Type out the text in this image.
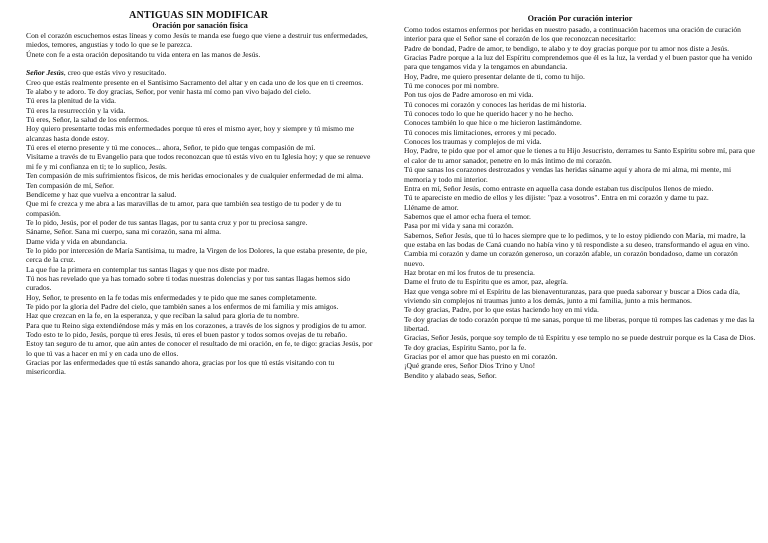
ANTIGUAS SIN MODIFICAR
Oración por sanación física

Con el corazón escuchemos estas líneas y como Jesús te manda ese fuego que viene a destruir tus enfermedades, miedos, temores, angustias y todo lo que se le parezca.

Únete con fe a esta oración depositando tu vida entera en las manos de Jesús.

Señor Jesús, creo que estás vivo y resucitado.

Creo que estás realmente presente en el Santísimo Sacramento del altar y en cada uno de los que en ti creemos.

Te alabo y te adoro. Te doy gracias, Señor, por venir hasta mí como pan vivo bajado del cielo.

Tú eres la plenitud de la vida.

Tú eres la resurrección y la vida.

Tú eres, Señor, la salud de los enfermos.

Hoy quiero presentarte todas mis enfermedades porque tú eres el mismo ayer, hoy y siempre y tú mismo me alcanzas hasta donde estoy.

Tú eres el eterno presente y tú me conoces... ahora, Señor, te pido que tengas compasión de mí.

Visítame a través de tu Evangelio para que todos reconozcan que tú estás vivo en tu Iglesia hoy; y que se renueve mi fe y mi confianza en ti; te lo suplico, Jesús.

Ten compasión de mis sufrimientos físicos, de mis heridas emocionales y de cualquier enfermedad de mi alma.

Ten compasión de mí, Señor.

Bendíceme y haz que vuelva a encontrar la salud.

Que mi fe crezca y me abra a las maravillas de tu amor, para que también sea testigo de tu poder y de tu compasión.

Te lo pido, Jesús, por el poder de tus santas llagas, por tu santa cruz y por tu preciosa sangre.

Sáname, Señor. Sana mi cuerpo, sana mi corazón, sana mi alma.

Dame vida y vida en abundancia.

Te lo pido por intercesión de María Santísima, tu madre, la Virgen de los Dolores, la que estaba presente, de pie, cerca de la cruz.

La que fue la primera en contemplar tus santas llagas y que nos diste por madre.

Tú nos has revelado que ya has tomado sobre ti todas nuestras dolencias y por tus santas llagas hemos sido curados.

Hoy, Señor, te presento en la fe todas mis enfermedades y te pido que me sanes completamente.

Te pido por la gloria del Padre del cielo, que también sanes a los enfermos de mi familia y mis amigos.

Haz que crezcan en la fe, en la esperanza, y que reciban la salud para gloria de tu nombre.

Para que tu Reino siga extendiéndose más y más en los corazones, a través de los signos y prodigios de tu amor.

Todo esto te lo pido, Jesús, porque tú eres Jesús, tú eres el buen pastor y todos somos ovejas de tu rebaño.

Estoy tan seguro de tu amor, que aún antes de conocer el resultado de mi oración, en fe, te digo: gracias Jesús, por lo que tú vas a hacer en mí y en cada uno de ellos.

Gracias por las enfermedades que tú estás sanando ahora, gracias por los que tú estás visitando con tu misericordia.

Oración Por curación interior

Como todos estamos enfermos por heridas en nuestro pasado, a continuación hacemos una oración de curación interior para que el Señor sane el corazón de los que reconozcan necesitarlo:

Padre de bondad, Padre de amor, te bendigo, te alabo y te doy gracias porque por tu amor nos diste a Jesús.

Gracias Padre porque a la luz del Espíritu comprendemos que él es la luz, la verdad y el buen pastor que ha venido para que tengamos vida y la tengamos en abundancia.

Hoy, Padre, me quiero presentar delante de ti, como tu hijo.

Tú me conoces por mi nombre.

Pon tus ojos de Padre amoroso en mi vida.

Tú conoces mi corazón y conoces las heridas de mi historia.

Tú conoces todo lo que he querido hacer y no he hecho.

Conoces también lo que hice o me hicieron lastimándome.

Tú conoces mis limitaciones, errores y mi pecado.

Conoces los traumas y complejos de mi vida.

Hoy, Padre, te pido que por el amor que le tienes a tu Hijo Jesucristo, derrames tu Santo Espíritu sobre mí, para que el calor de tu amor sanador, penetre en lo más íntimo de mi corazón.

Tú que sanas los corazones destrozados y vendas las heridas sáname aquí y ahora de mi alma, mi mente, mi memoria y todo mi interior.

Entra en mí, Señor Jesús, como entraste en aquella casa donde estaban tus discípulos llenos de miedo.

Tú te apareciste en medio de ellos y les dijiste: "paz a vosotros". Entra en mi corazón y dame tu paz.

Lléname de amor.

Sabemos que el amor echa fuera el temor.

Pasa por mi vida y sana mi corazón.

Sabemos, Señor Jesús, que tú lo haces siempre que te lo pedimos, y te lo estoy pidiendo con María, mi madre, la que estaba en las bodas de Caná cuando no había vino y tú respondiste a su deseo, transformando el agua en vino.

Cambia mi corazón y dame un corazón generoso, un corazón afable, un corazón bondadoso, dame un corazón nuevo.

Haz brotar en mí los frutos de tu presencia.

Dame el fruto de tu Espíritu que es amor, paz, alegría.

Haz que venga sobre mí el Espíritu de las bienaventuranzas, para que pueda saborear y buscar a Dios cada día, viviendo sin complejos ni traumas junto a los demás, junto a mi familia, junto a mis hermanos.

Te doy gracias, Padre, por lo que estas haciendo hoy en mi vida.

Te doy gracias de todo corazón porque tú me sanas, porque tú me liberas, porque tú rompes las cadenas y me das la libertad.

Gracias, Señor Jesús, porque soy templo de tú Espíritu y ese templo no se puede destruir porque es la Casa de Dios.

Te doy gracias, Espíritu Santo, por la fe.

Gracias por el amor que has puesto en mi corazón.

¡Qué grande eres, Señor Dios Trino y Uno!

Bendito y alabado seas, Señor.
